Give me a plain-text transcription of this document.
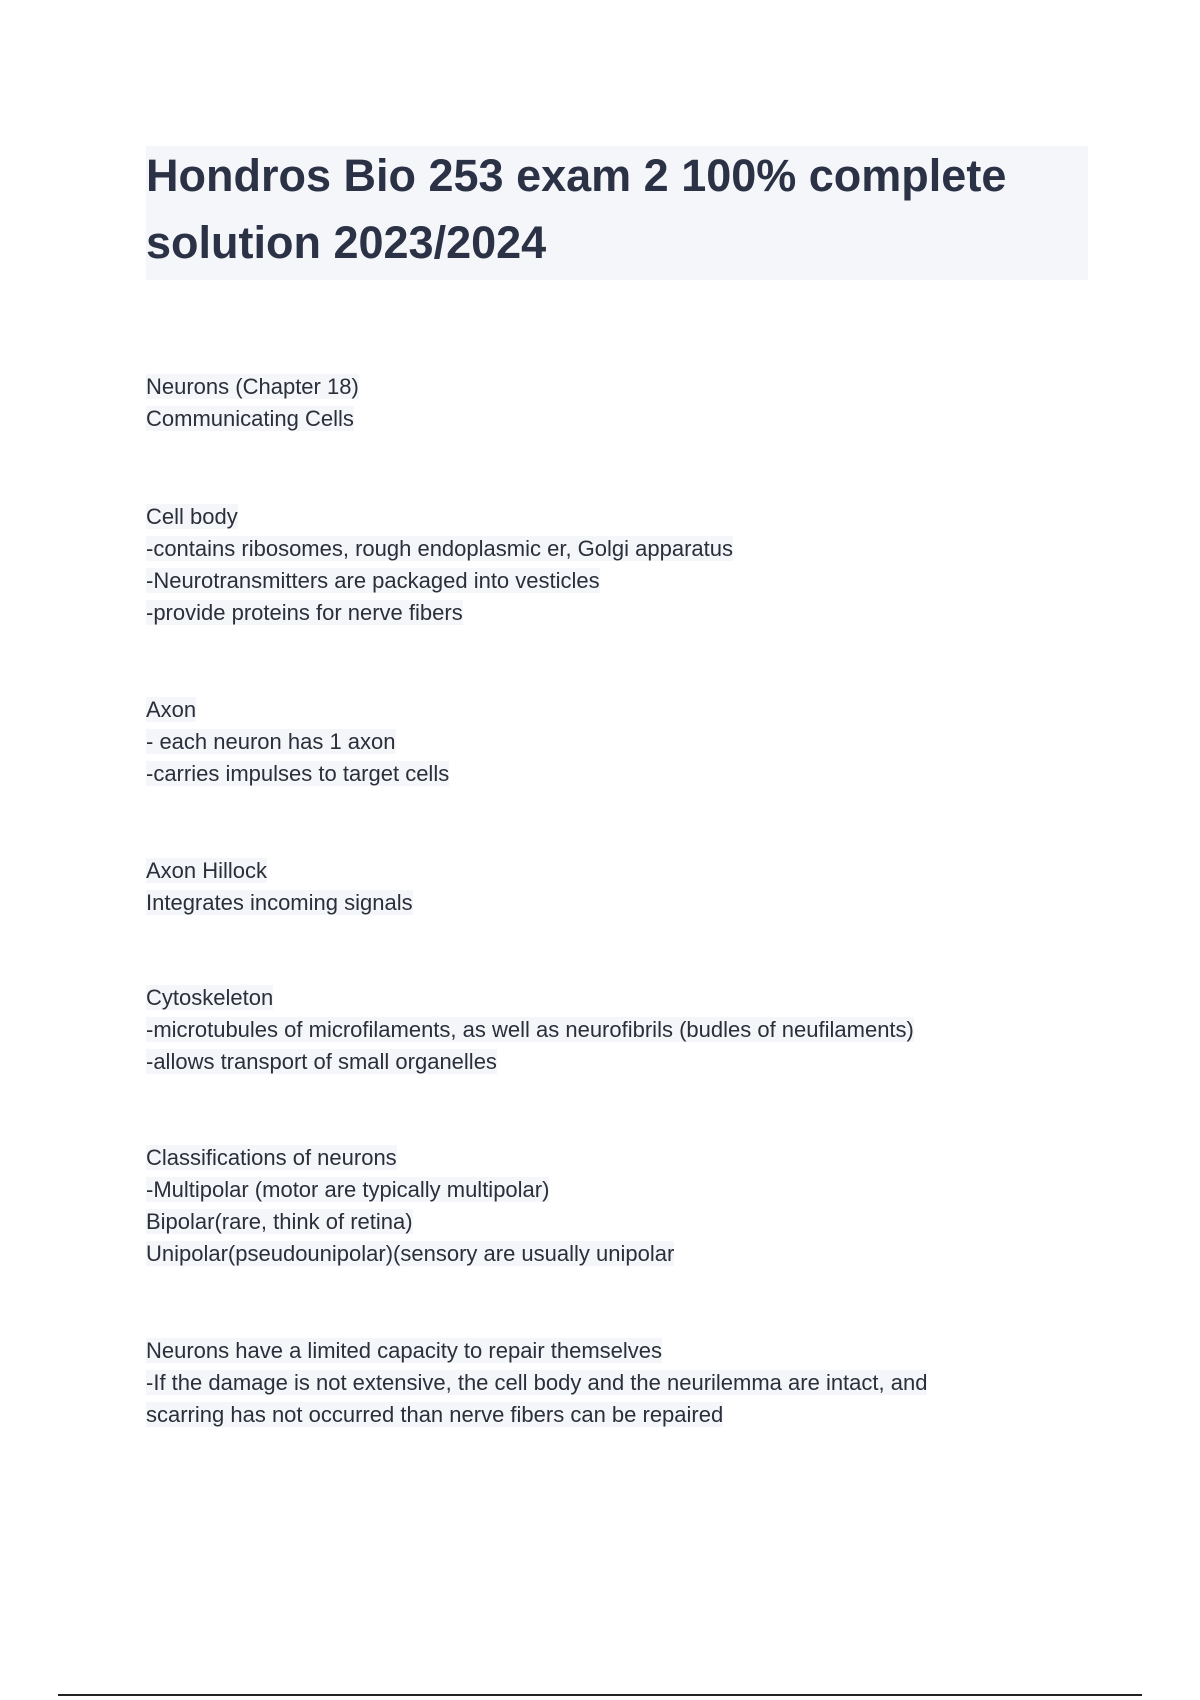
Hondros Bio 253 exam 2 100% complete solution 2023/2024
Neurons (Chapter 18)
Communicating Cells
Cell body
-contains ribosomes, rough endoplasmic er, Golgi apparatus
-Neurotransmitters are packaged into vesticles
-provide proteins for nerve fibers
Axon
- each neuron has 1 axon
-carries impulses to target cells
Axon Hillock
Integrates incoming signals
Cytoskeleton
-microtubules of microfilaments, as well as neurofibrils (budles of neufilaments)
-allows transport of small organelles
Classifications of neurons
-Multipolar (motor are typically multipolar)
Bipolar(rare, think of retina)
Unipolar(pseudounipolar)(sensory are usually unipolar
Neurons have a limited capacity to repair themselves
-If the damage is not extensive, the cell body and the neurilemma are intact, and
scarring has not occurred than nerve fibers can be repaired
